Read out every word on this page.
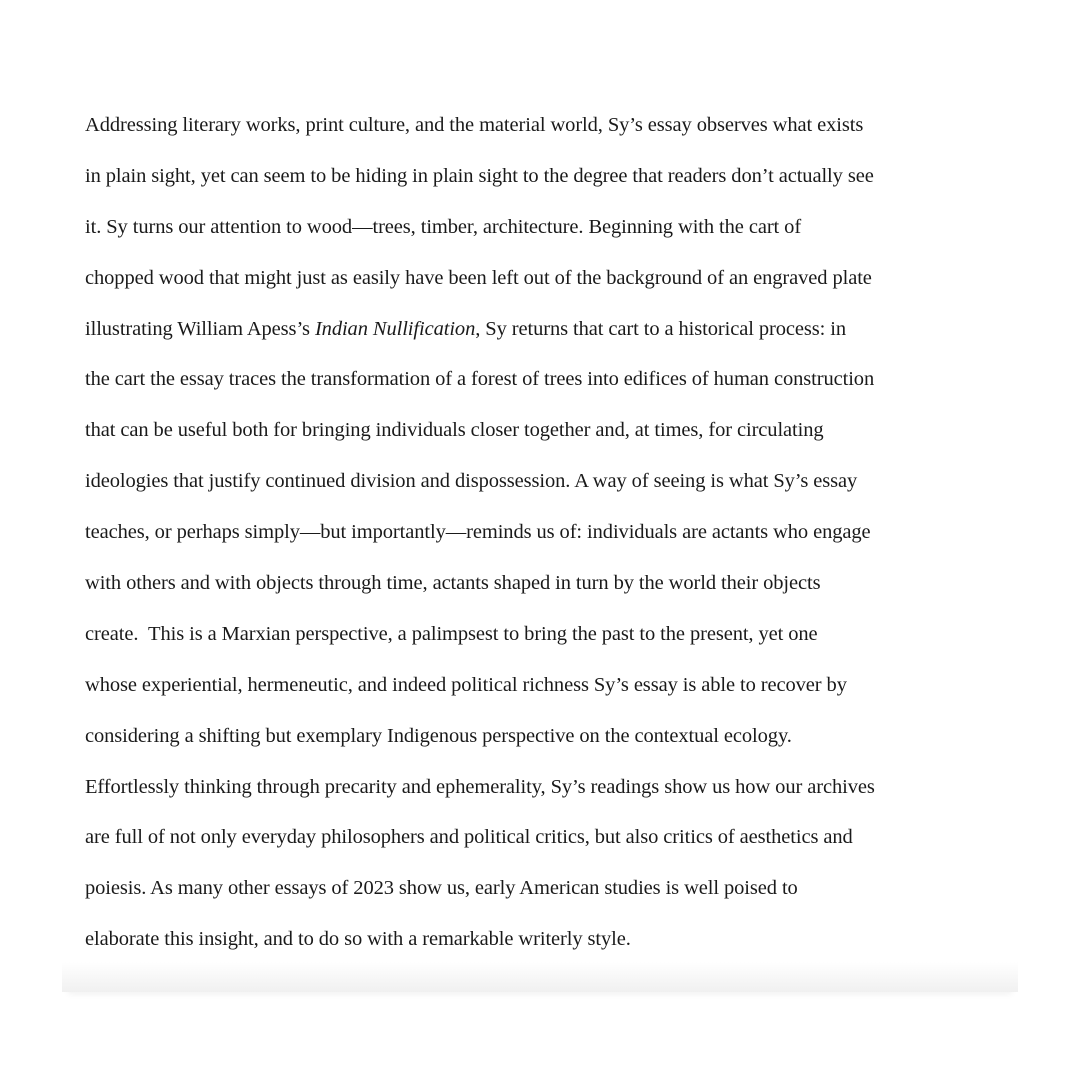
Addressing literary works, print culture, and the material world, Sy’s essay observes what exists
in plain sight, yet can seem to be hiding in plain sight to the degree that readers don’t actually see
it. Sy turns our attention to wood—trees, timber, architecture. Beginning with the cart of
chopped wood that might just as easily have been left out of the background of an engraved plate
illustrating William Apess’s Indian Nullification, Sy returns that cart to a historical process: in
the cart the essay traces the transformation of a forest of trees into edifices of human construction
that can be useful both for bringing individuals closer together and, at times, for circulating
ideologies that justify continued division and dispossession. A way of seeing is what Sy’s essay
teaches, or perhaps simply—but importantly—reminds us of: individuals are actants who engage
with others and with objects through time, actants shaped in turn by the world their objects
create.  This is a Marxian perspective, a palimpsest to bring the past to the present, yet one
whose experiential, hermeneutic, and indeed political richness Sy’s essay is able to recover by
considering a shifting but exemplary Indigenous perspective on the contextual ecology.
Effortlessly thinking through precarity and ephemerality, Sy’s readings show us how our archives
are full of not only everyday philosophers and political critics, but also critics of aesthetics and
poiesis. As many other essays of 2023 show us, early American studies is well poised to
elaborate this insight, and to do so with a remarkable writerly style.
